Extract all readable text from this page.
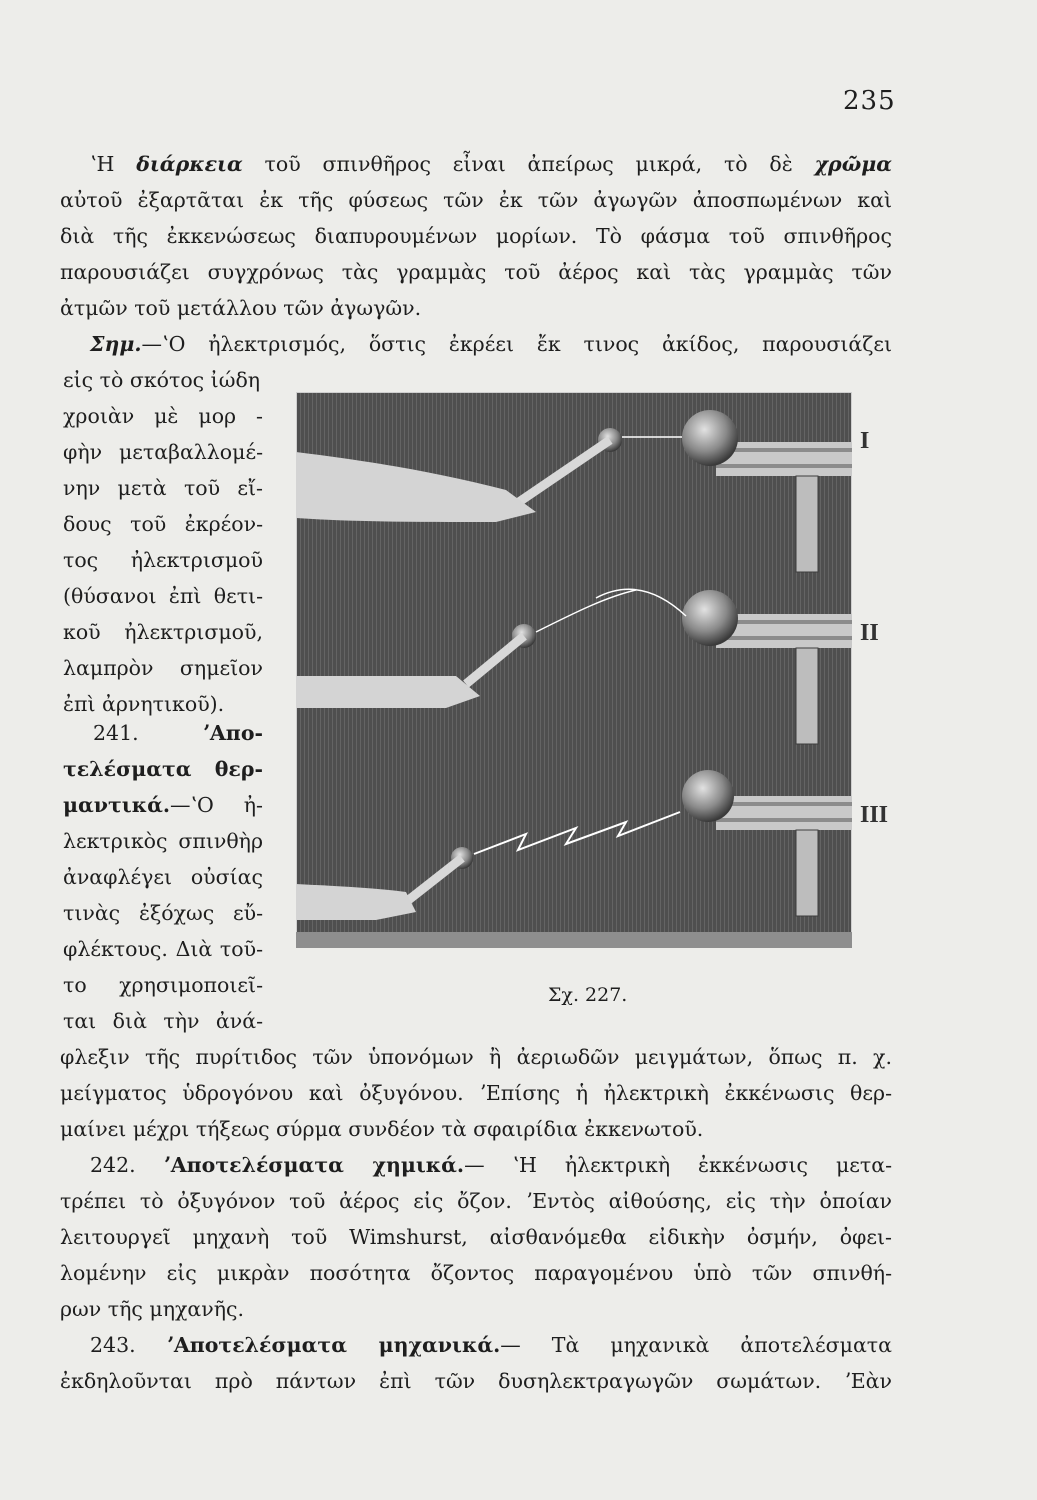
235
ʽΗ διάρκεια τοῦ σπινθῆρος εἶναι ἀπείρως μικρά, τὸ δὲ χρῶμα
αὐτοῦ ἐξαρτᾶται ἐκ τῆς φύσεως τῶν ἐκ τῶν ἀγωγῶν ἀποσπωμένων καὶ
διὰ τῆς ἐκκενώσεως διαπυρουμένων μορίων. Τὸ φάσμα τοῦ σπινθῆρος
παρουσιάζει συγχρόνως τὰς γραμμὰς τοῦ ἀέρος καὶ τὰς γραμμὰς τῶν
ἀτμῶν τοῦ μετάλλου τῶν ἀγωγῶν.
Σημ.—ʽΟ ἠλεκτρισμός, ὅστις ἐκρέει ἔκ τινος ἀκίδος, παρουσιάζει
εἰς τὸ σκότος ἰώδη
χροιὰν μὲ μορ -
φὴν μεταβαλλομέ-
νην μετὰ τοῦ εἴ-
δους τοῦ ἐκρέον-
τος ἠλεκτρισμοῦ
(θύσανοι ἐπὶ θετι-
κοῦ ἠλεκτρισμοῦ,
λαμπρὸν σημεῖον
ἐπὶ ἀρνητικοῦ).
241.	ʼΑπο-
τελέσματα θερ-
μαντικά.—ʽΟ ἠ-
λεκτρικὸς σπινθὴρ
ἀναφλέγει οὐσίας
τινὰς ἐξόχως εὔ-
φλέκτους. Διὰ τοῦ-
το χρησιμοποιεῖ-
ται διὰ τὴν ἀνά-
I
II
III
Σχ. 227.
φλεξιν τῆς πυρίτιδος τῶν ὑπονόμων ἢ ἀεριωδῶν μειγμάτων, ὅπως π. χ.
μείγματος ὑδρογόνου καὶ ὀξυγόνου. ʼΕπίσης ἡ ἠλεκτρικὴ ἐκκένωσις θερ-
μαίνει μέχρι τήξεως σύρμα συνδέον τὰ σφαιρίδια ἐκκενωτοῦ.
242. ʼΑποτελέσματα χημικά.— ʽΗ ἠλεκτρικὴ ἐκκένωσις μετα-
τρέπει τὸ ὀξυγόνον τοῦ ἀέρος εἰς ὄζον. ʼΕντὸς αἰθούσης, εἰς τὴν ὁποίαν
λειτουργεῖ μηχανὴ τοῦ Wimshurst, αἰσθανόμεθα εἰδικὴν ὀσμήν, ὀφει-
λομένην εἰς μικρὰν ποσότητα ὄζοντος παραγομένου ὑπὸ τῶν σπινθή-
ρων τῆς μηχανῆς.
243. ʼΑποτελέσματα μηχανικά.— Τὰ μηχανικὰ ἀποτελέσματα
ἐκδηλοῦνται πρὸ πάντων ἐπὶ τῶν δυσηλεκτραγωγῶν σωμάτων. ʼΕὰν
